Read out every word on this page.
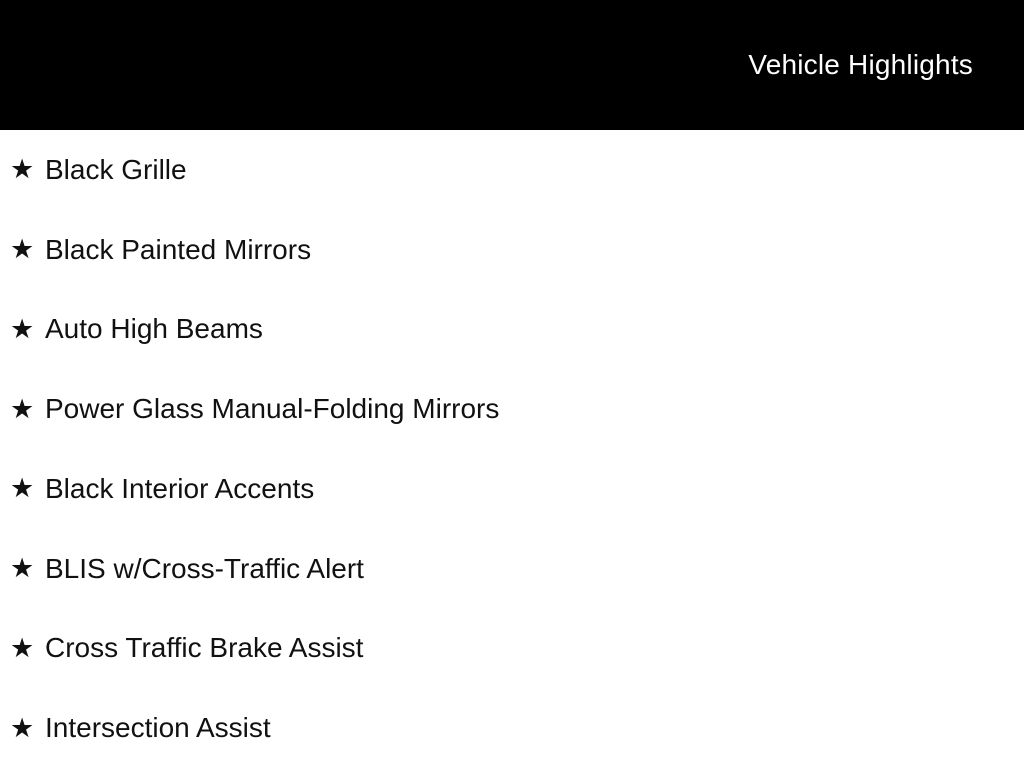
Vehicle Highlights
★ Black Grille
★ Black Painted Mirrors
★ Auto High Beams
★ Power Glass Manual-Folding Mirrors
★ Black Interior Accents
★ BLIS w/Cross-Traffic Alert
★ Cross Traffic Brake Assist
★ Intersection Assist
